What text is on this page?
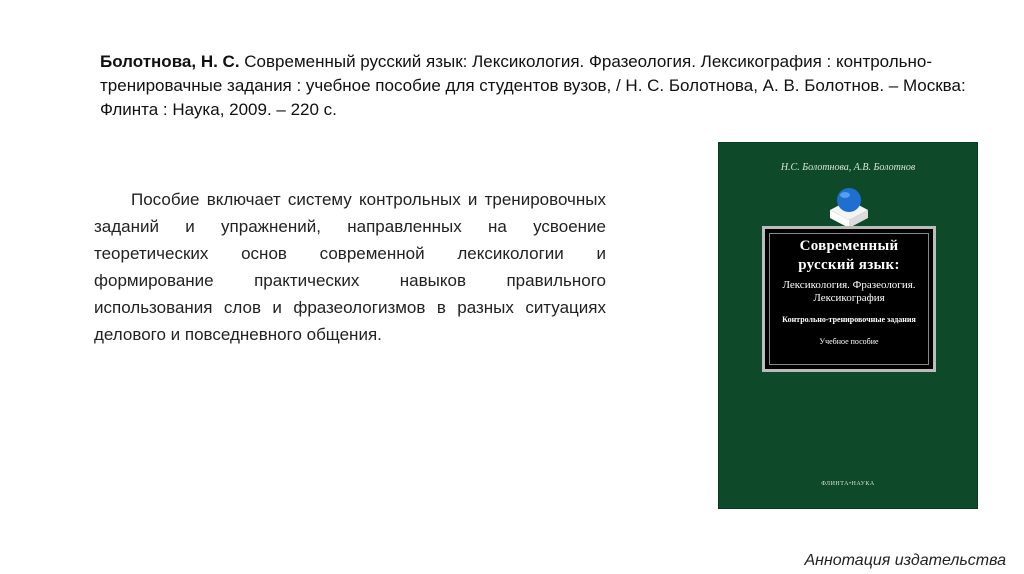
Болотнова, Н. С. Современный русский язык: Лексикология. Фразеология. Лексикография : контрольно-тренировачные задания : учебное пособие для студентов вузов, / Н. С. Болотнова, А. В. Болотнов. – Москва: Флинта : Наука, 2009. – 220 с.
Пособие включает систему контрольных и тренировочных заданий и упражнений, направленных на усвоение теоретических основ современной лексикологии и формирование практических навыков правильного использования слов и фразеологизмов в разных ситуациях делового и повседневного общения.
Н.С. Болотнова, А.В. Болотнов
Современный
русский язык:
Лексикология. Фразеология.
Лексикография
Контрольно-тренировочные задания
Учебное пособие
ФЛИНТА•НАУКА
Аннотация издательства
